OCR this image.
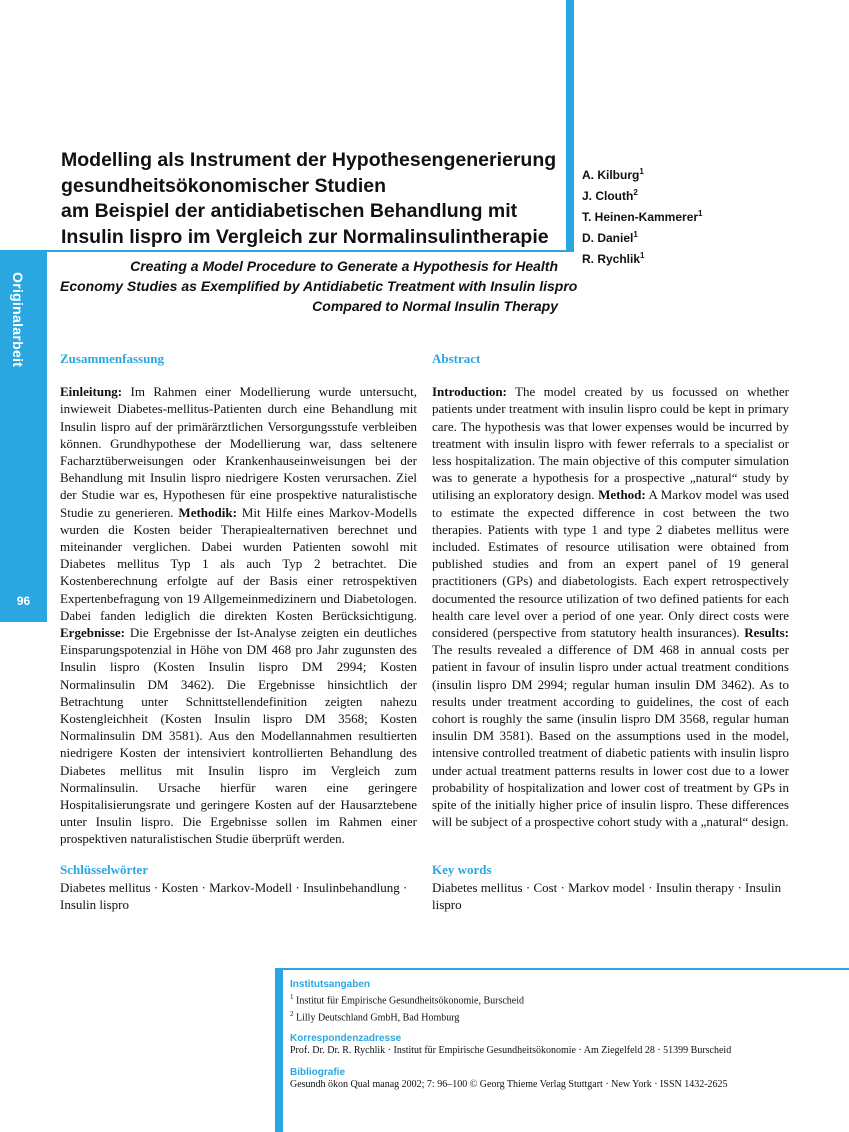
Originalarbeit
96
Modelling als Instrument der Hypothesengenerierung
gesundheitsökonomischer Studien
am Beispiel der antidiabetischen Behandlung mit
Insulin lispro im Vergleich zur Normalinsulintherapie
A. Kilburg$^1$
J. Clouth$^2$
T. Heinen-Kammerer$^1$
D. Daniel$^1$
R. Rychlik$^1$
Creating a Model Procedure to Generate a Hypothesis for Health
Economy Studies as Exemplified by Antidiabetic Treatment with Insulin lispro
Compared to Normal Insulin Therapy
Zusammenfassung

Einleitung: Im Rahmen einer Modellierung wurde untersucht, inwieweit Diabetes-mellitus-Patienten durch eine Behandlung mit Insulin lispro auf der primärärztlichen Versorgungsstufe verbleiben können. Grundhypothese der Modellierung war, dass seltenere Facharztüberweisungen oder Krankenhauseinweisungen bei der Behandlung mit Insulin lispro niedrigere Kosten verursachen. Ziel der Studie war es, Hypothesen für eine prospektive naturalistische Studie zu generieren. Methodik: Mit Hilfe eines Markov-Modells wurden die Kosten beider Therapiealternativen berechnet und miteinander verglichen. Dabei wurden Patienten sowohl mit Diabetes mellitus Typ 1 als auch Typ 2 betrachtet. Die Kostenberechnung erfolgte auf der Basis einer retrospektiven Expertenbefragung von 19 Allgemeinmedizinern und Diabetologen. Dabei fanden lediglich die direkten Kosten Berücksichtigung. Ergebnisse: Die Ergebnisse der Ist-Analyse zeigten ein deutliches Einsparungspotenzial in Höhe von DM 468 pro Jahr zugunsten des Insulin lispro (Kosten Insulin lispro DM 2994; Kosten Normalinsulin DM 3462). Die Ergebnisse hinsichtlich der Betrachtung unter Schnittstellendefinition zeigten nahezu Kostengleichheit (Kosten Insulin lispro DM 3568; Kosten Normalinsulin DM 3581). Aus den Modellannahmen resultierten niedrigere Kosten der intensiviert kontrollierten Behandlung des Diabetes mellitus mit Insulin lispro im Vergleich zum Normalinsulin. Ursache hierfür waren eine geringere Hospitalisierungsrate und geringere Kosten auf der Hausarztebene unter Insulin lispro. Die Ergebnisse sollen im Rahmen einer prospektiven naturalistischen Studie überprüft werden.

Abstract

Introduction: The model created by us focussed on whether patients under treatment with insulin lispro could be kept in primary care. The hypothesis was that lower expenses would be incurred by treatment with insulin lispro with fewer referrals to a specialist or less hospitalization. The main objective of this computer simulation was to generate a hypothesis for a prospective „natural“ study by utilising an exploratory design. Method: A Markov model was used to estimate the expected difference in cost between the two therapies. Patients with type 1 and type 2 diabetes mellitus were included. Estimates of resource utilisation were obtained from published studies and from an expert panel of 19 general practitioners (GPs) and diabetologists. Each expert retrospectively documented the resource utilization of two defined patients for each health care level over a period of one year. Only direct costs were considered (perspective from statutory health insurances). Results: The results revealed a difference of DM 468 in annual costs per patient in favour of insulin lispro under actual treatment conditions (insulin lispro DM 2994; regular human insulin DM 3462). As to results under treatment according to guidelines, the cost of each cohort is roughly the same (insulin lispro DM 3568, regular human insulin DM 3581). Based on the assumptions used in the model, intensive controlled treatment of diabetic patients with insulin lispro under actual treatment patterns results in lower cost due to a lower probability of hospitalization and lower cost of treatment by GPs in spite of the initially higher price of insulin lispro. These differences will be subject of a prospective cohort study with a „natural“ design.

Schlüsselwörter
Diabetes mellitus · Kosten · Markov-Modell · Insulinbehandlung · Insulin lispro
Key words
Diabetes mellitus · Cost · Markov model · Insulin therapy · Insulin lispro
Institutsangaben
$^1$ Institut für Empirische Gesundheitsökonomie, Burscheid
$^2$ Lilly Deutschland GmbH, Bad Homburg
Korrespondenzadresse
Prof. Dr. Dr. R. Rychlik · Institut für Empirische Gesundheitsökonomie · Am Ziegelfeld 28 · 51399 Burscheid
Bibliografie
Gesundh ökon Qual manag 2002; 7: 96–100 © Georg Thieme Verlag Stuttgart · New York · ISSN 1432-2625
